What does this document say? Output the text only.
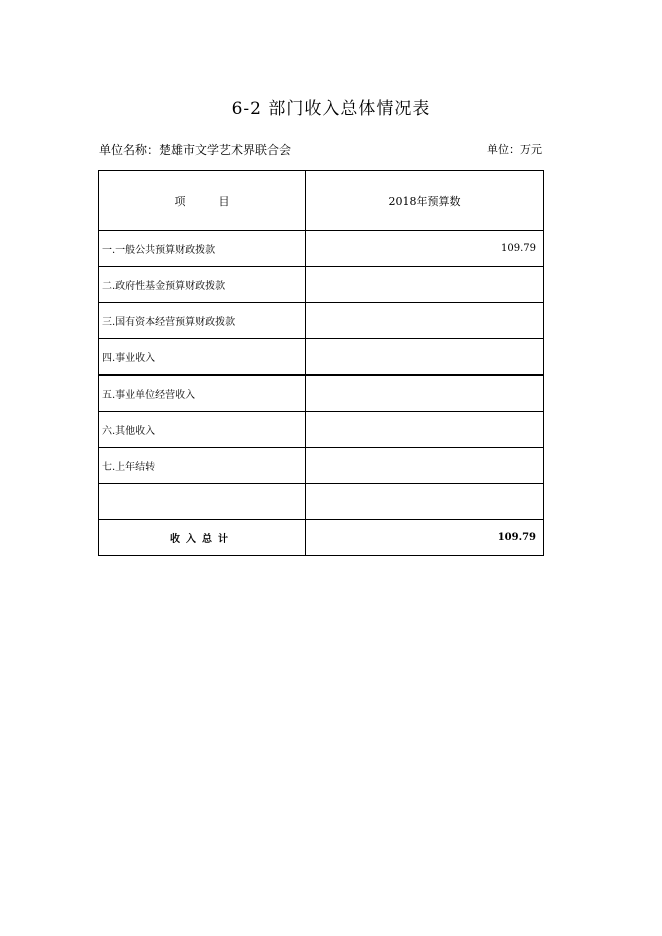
6-2 部门收入总体情况表
单位名称：楚雄市文学艺术界联合会	单位：万元
项　　　目	2018年预算数
一.一般公共预算财政拨款	109.79
二.政府性基金预算财政拨款	
三.国有资本经营预算财政拨款	
四.事业收入	
五.事业单位经营收入	
六.其他收入	
七.上年结转	

收入总计	109.79
